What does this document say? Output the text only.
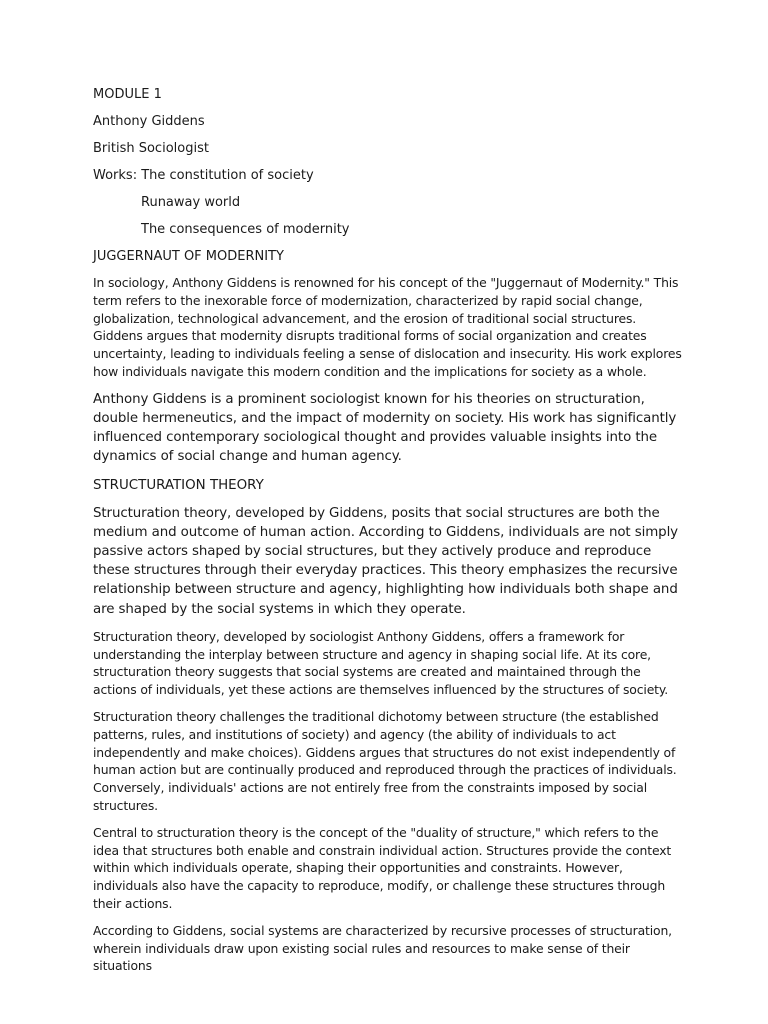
MODULE 1
Anthony Giddens
British Sociologist
Works: The constitution of society
Runaway world
The consequences of modernity
JUGGERNAUT OF MODERNITY

In sociology, Anthony Giddens is renowned for his concept of the "Juggernaut of Modernity." This term refers to the inexorable force of modernization, characterized by rapid social change, globalization, technological advancement, and the erosion of traditional social structures. Giddens argues that modernity disrupts traditional forms of social organization and creates uncertainty, leading to individuals feeling a sense of dislocation and insecurity. His work explores how individuals navigate this modern condition and the implications for society as a whole.

Anthony Giddens is a prominent sociologist known for his theories on structuration, double hermeneutics, and the impact of modernity on society. His work has significantly influenced contemporary sociological thought and provides valuable insights into the dynamics of social change and human agency.

STRUCTURATION THEORY

Structuration theory, developed by Giddens, posits that social structures are both the medium and outcome of human action. According to Giddens, individuals are not simply passive actors shaped by social structures, but they actively produce and reproduce these structures through their everyday practices. This theory emphasizes the recursive relationship between structure and agency, highlighting how individuals both shape and are shaped by the social systems in which they operate.

Structuration theory, developed by sociologist Anthony Giddens, offers a framework for understanding the interplay between structure and agency in shaping social life. At its core, structuration theory suggests that social systems are created and maintained through the actions of individuals, yet these actions are themselves influenced by the structures of society.

Structuration theory challenges the traditional dichotomy between structure (the established patterns, rules, and institutions of society) and agency (the ability of individuals to act independently and make choices). Giddens argues that structures do not exist independently of human action but are continually produced and reproduced through the practices of individuals. Conversely, individuals' actions are not entirely free from the constraints imposed by social structures.

Central to structuration theory is the concept of the "duality of structure," which refers to the idea that structures both enable and constrain individual action. Structures provide the context within which individuals operate, shaping their opportunities and constraints. However, individuals also have the capacity to reproduce, modify, or challenge these structures through their actions.

According to Giddens, social systems are characterized by recursive processes of structuration, wherein individuals draw upon existing social rules and resources to make sense of their situations
